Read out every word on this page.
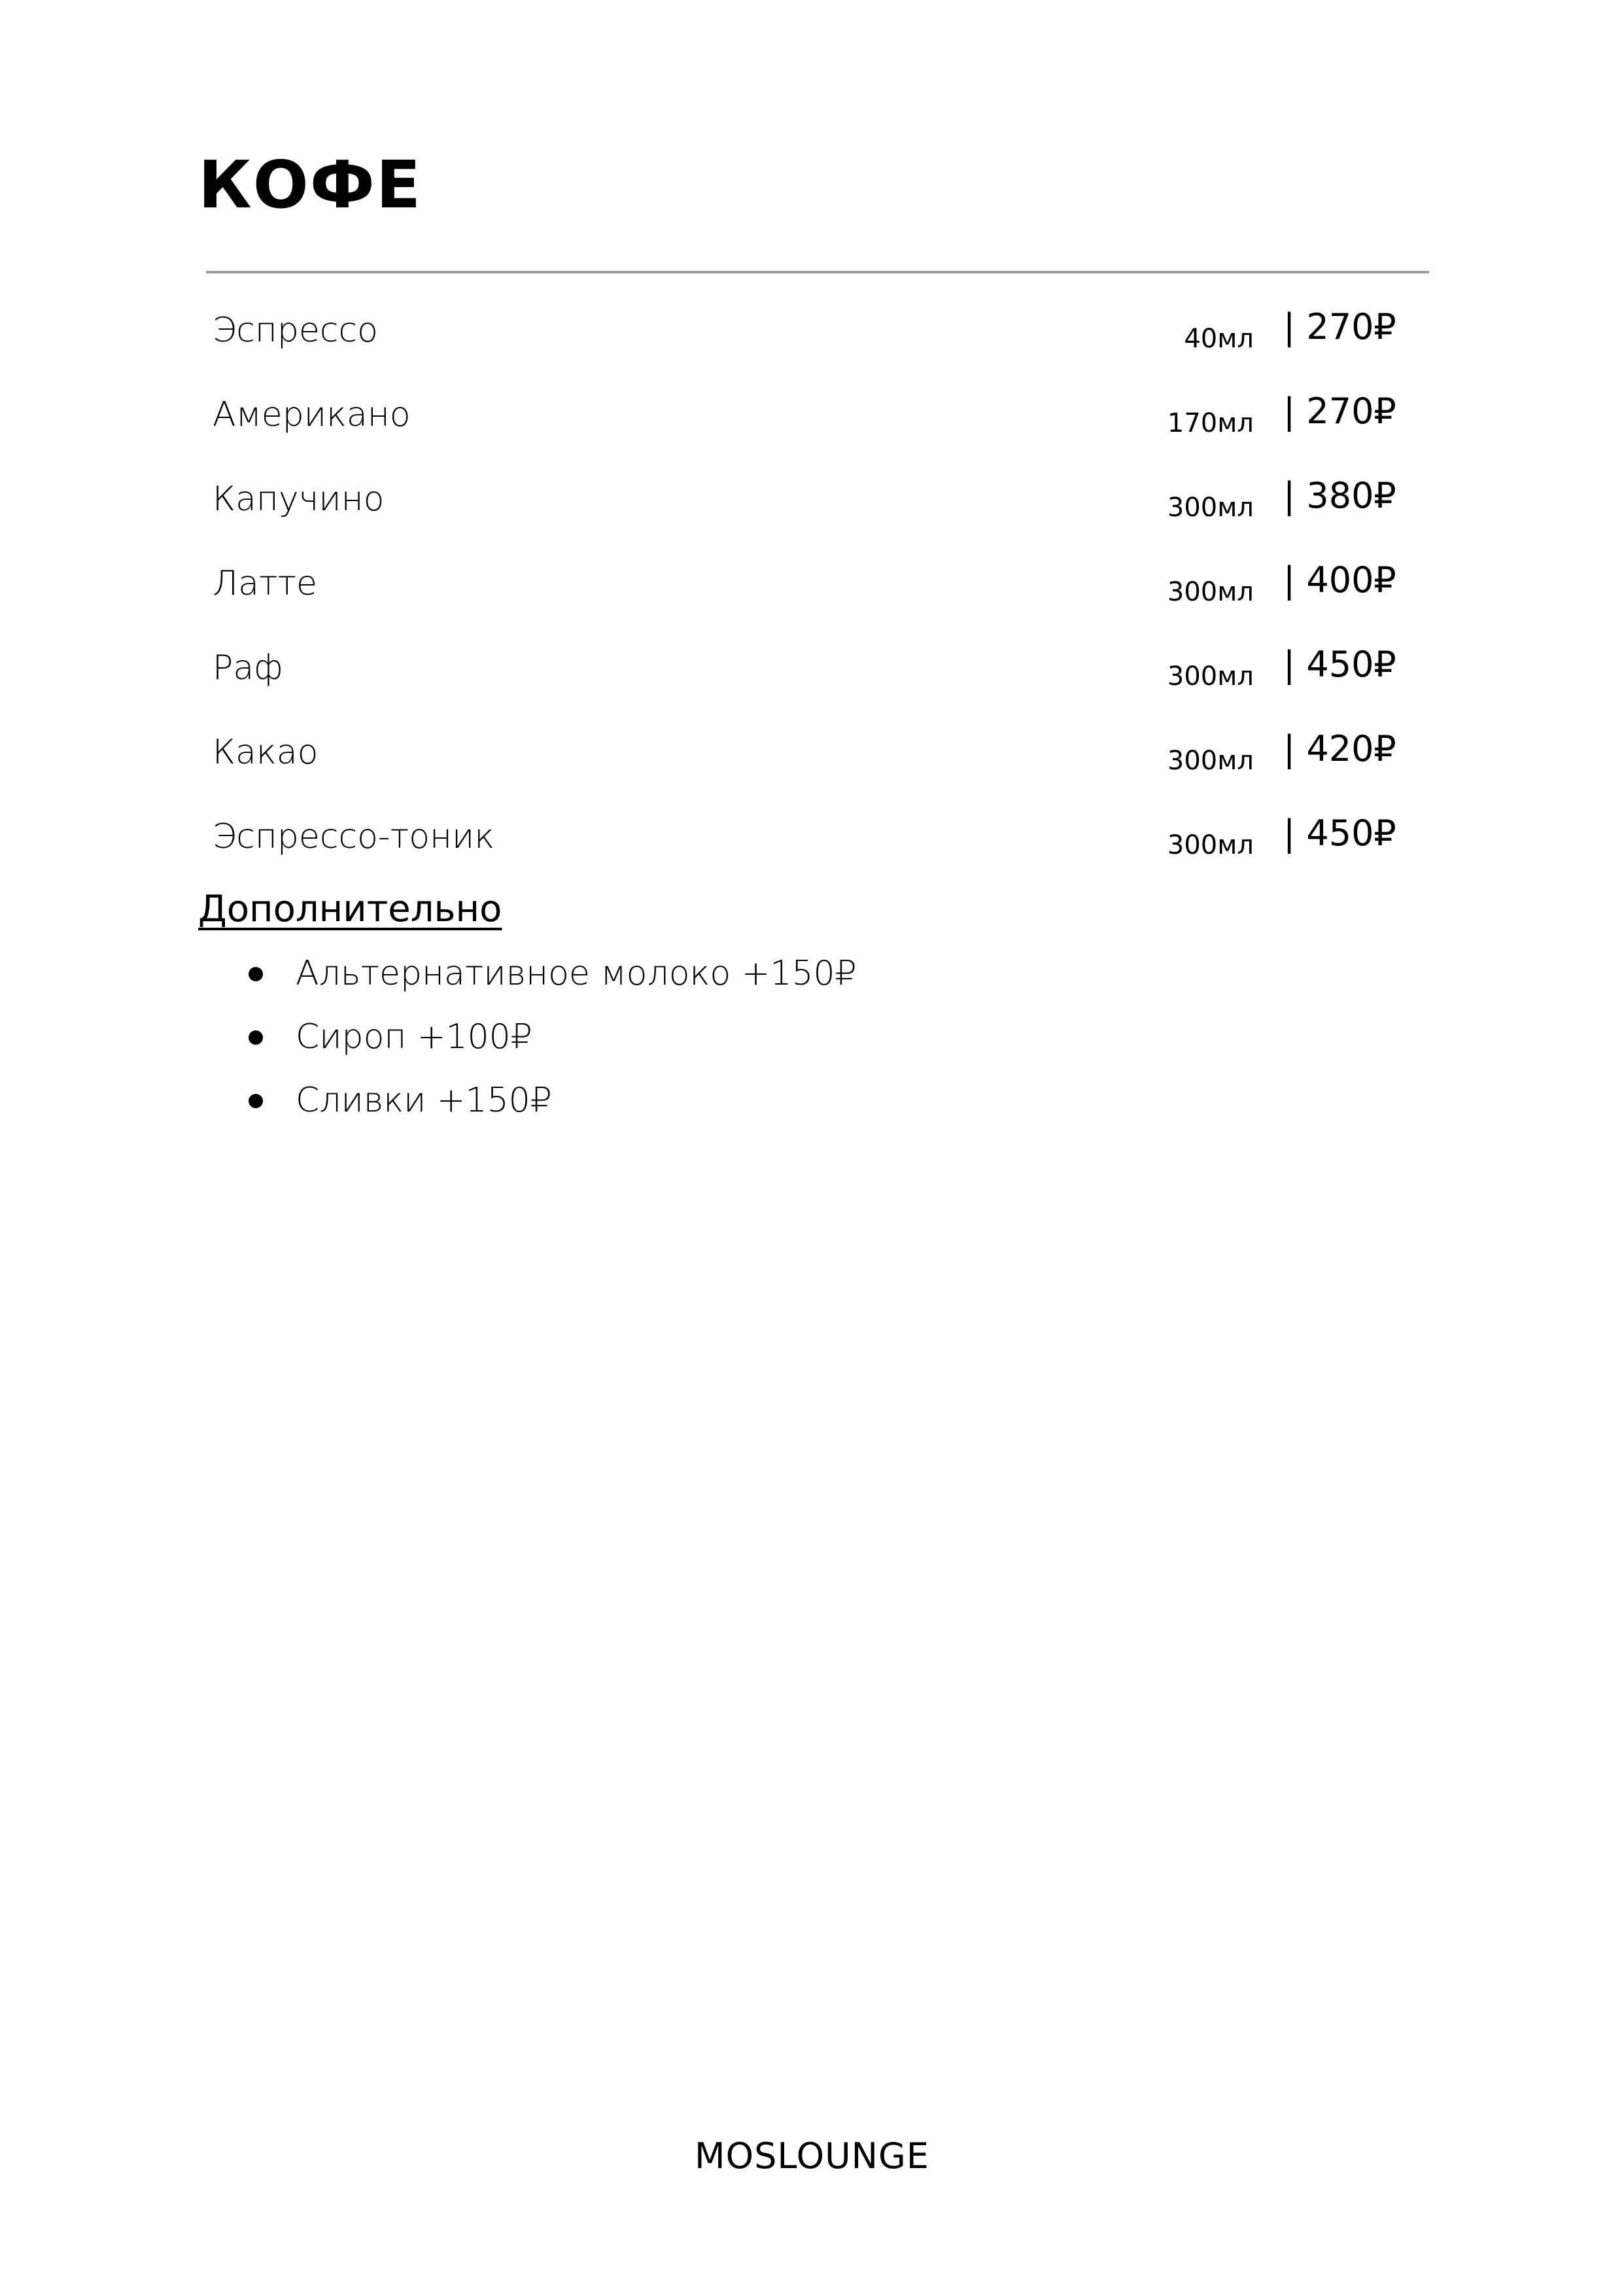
КОФЕ
Эспрессо	40мл | 270₽
Американо	170мл | 270₽
Капучино	300мл | 380₽
Латте	300мл | 400₽
Раф	300мл | 450₽
Какао	300мл | 420₽
Эспрессо-тоник	300мл | 450₽
Дополнительно
Альтернативное молоко +150₽
Сироп +100₽
Сливки +150₽
MOSLOUNGE
